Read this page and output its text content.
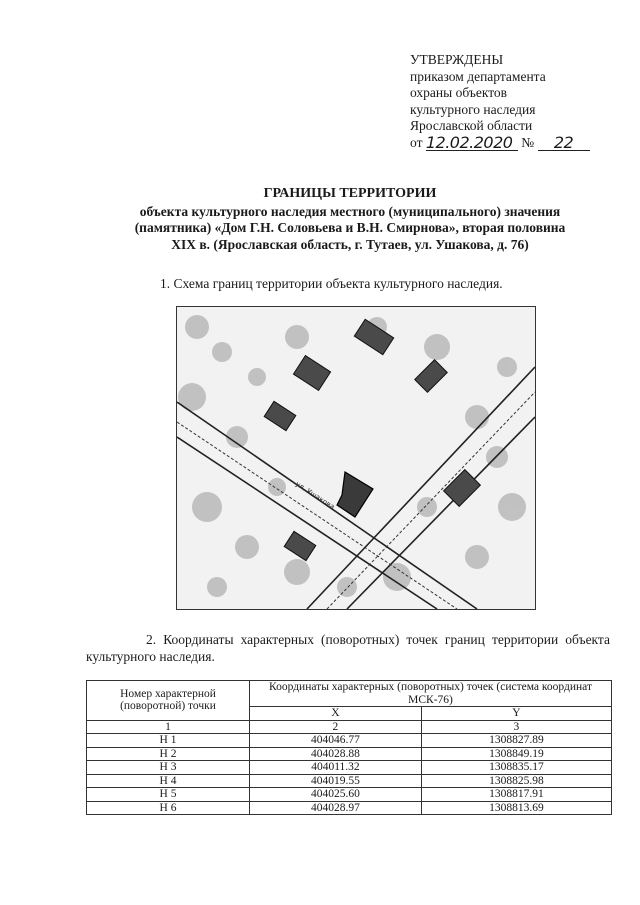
УТВЕРЖДЕНЫ
приказом департамента
охраны объектов
культурного наследия
Ярославской области
от 12.02.2020 № 22
ГРАНИЦЫ ТЕРРИТОРИИ
объекта культурного наследия местного (муниципального) значения
(памятника) «Дом Г.Н. Соловьева и В.Н. Смирнова», вторая половина
XIX в. (Ярославская область, г. Тутаев, ул. Ушакова, д. 76)
1. Схема границ территории объекта культурного наследия.
ул. Ушакова
2. Координаты характерных (поворотных) точек границ территории объекта культурного наследия.
Номер характерной (поворотной) точки	Координаты характерных (поворотных) точек (система координат МСК-76)	
	X	Y
1	2	3
Н 1	404046.77	1308827.89
Н 2	404028.88	1308849.19
Н 3	404011.32	1308835.17
Н 4	404019.55	1308825.98
Н 5	404025.60	1308817.91
Н 6	404028.97	1308813.69
